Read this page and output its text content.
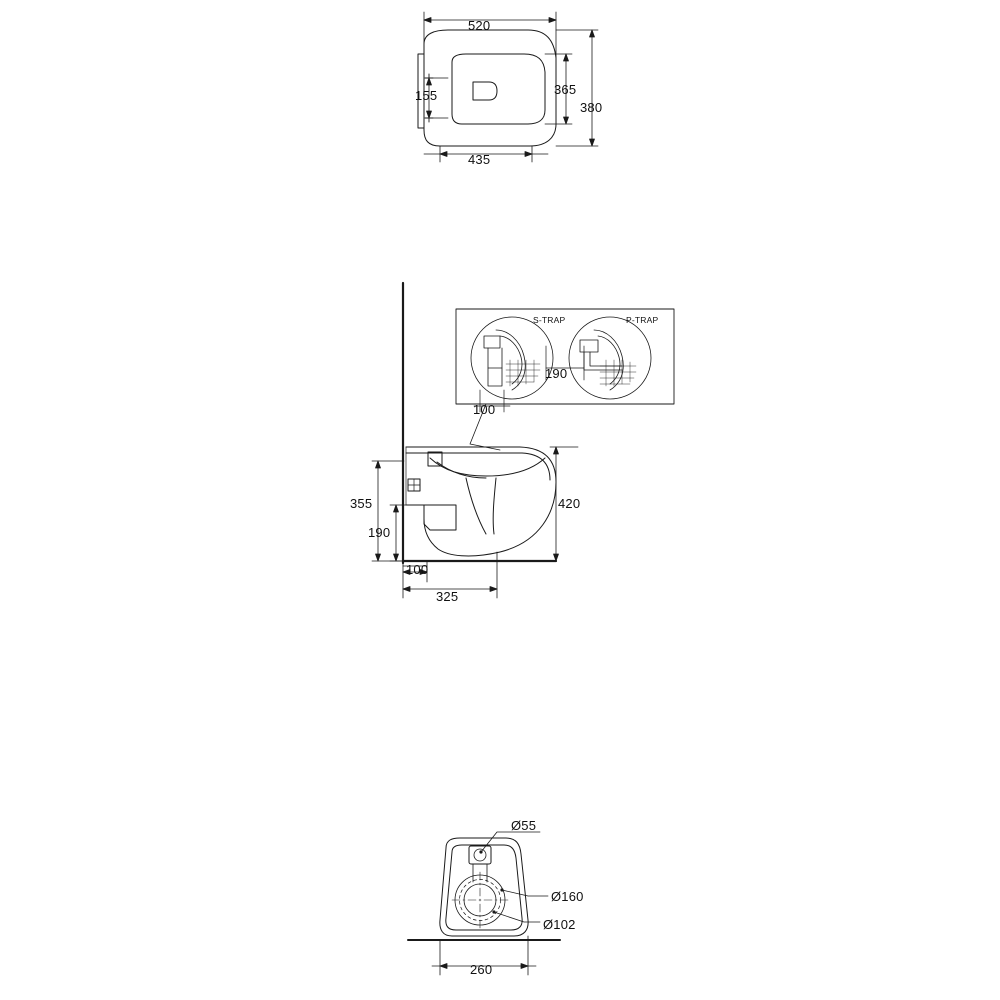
520
435
155	365
380
355
190
100
420
325
S-TRAP	P-TRAP
100
190
Ø55
Ø160
Ø102
260
